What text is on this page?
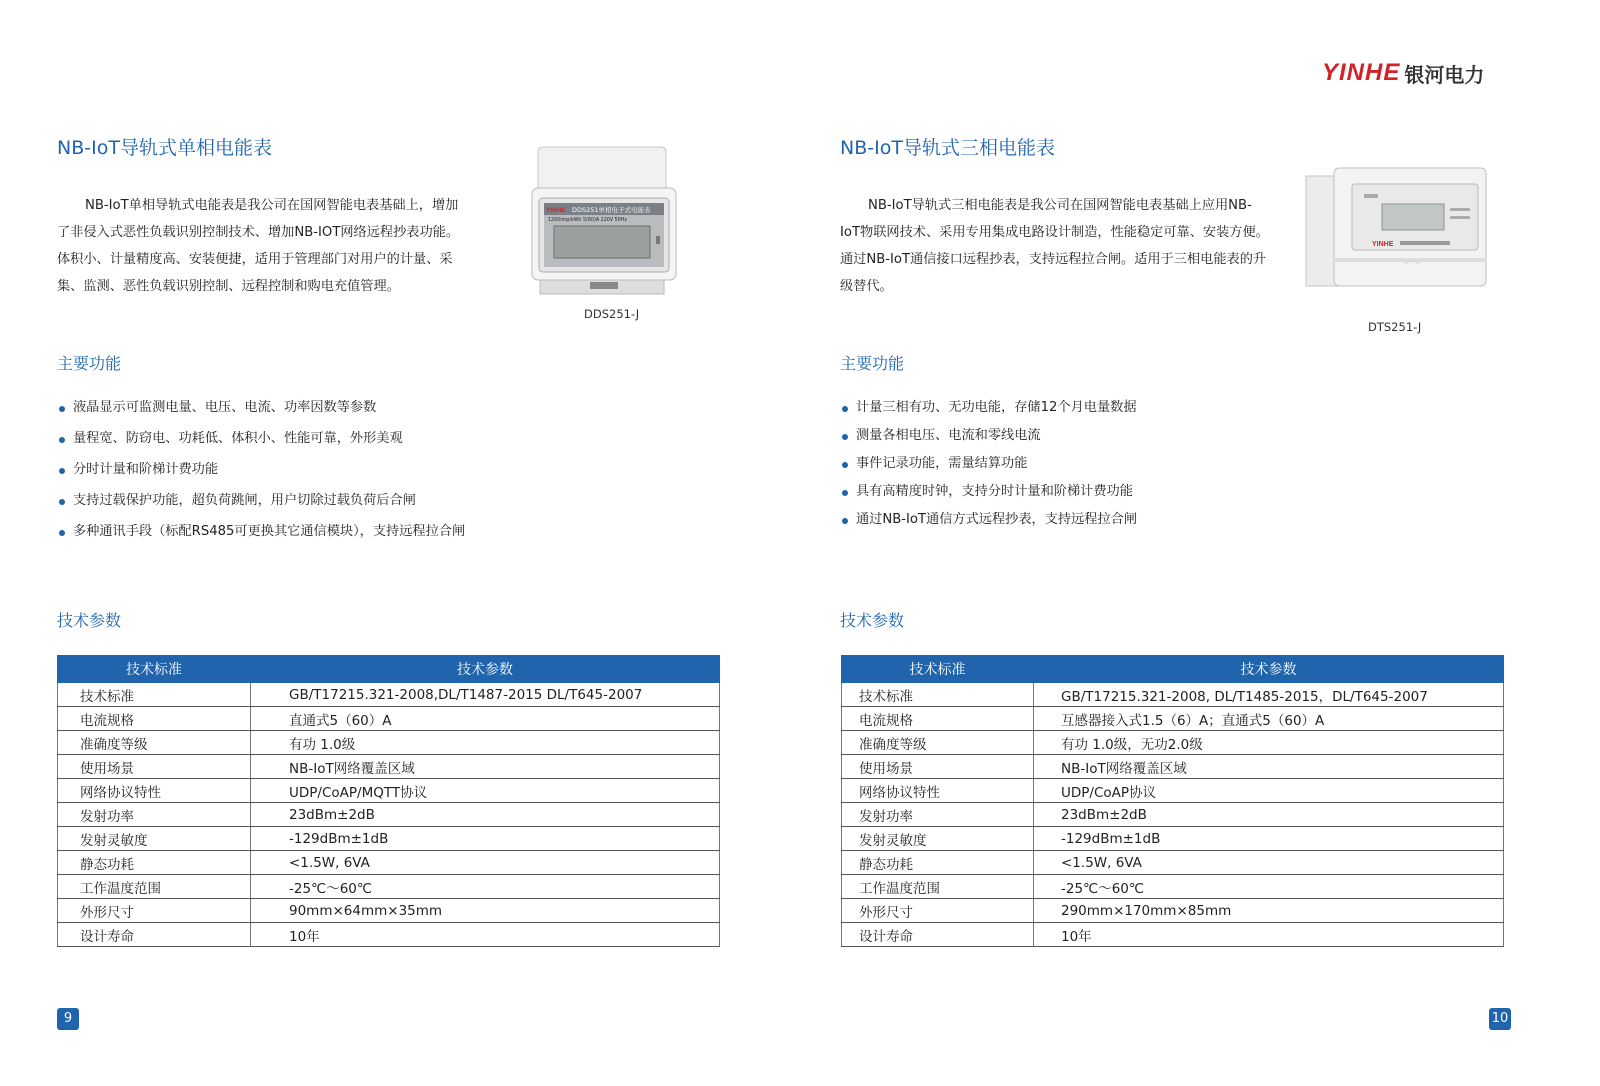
YINHE 银河电力
NB-IoT导轨式单相电能表
NB-IoT单相导轨式电能表是我公司在国网智能电表基础上，增加
了非侵入式恶性负载识别控制技术、增加NB-IOT网络远程抄表功能。
体积小、计量精度高、安装便捷，适用于管理部门对用户的计量、采
集、监测、恶性负载识别控制、远程控制和购电充值管理。
YINHE DDS251单相电子式电能表
1200imp/kWh 5(60)A 220V 50Hz
DDS251-J
主要功能
液晶显示可监测电量、电压、电流、功率因数等参数
量程宽、防窃电、功耗低、体积小、性能可靠，外形美观
分时计量和阶梯计费功能
支持过载保护功能，超负荷跳闸，用户切除过载负荷后合闸
多种通讯手段（标配RS485可更换其它通信模块），支持远程拉合闸
技术参数
技术标准	技术参数
技术标准	GB/T17215.321-2008,DL/T1487-2015 DL/T645-2007
电流规格	直通式5（60）A
准确度等级	有功 1.0级
使用场景	NB-IoT网络覆盖区域
网络协议特性	UDP/CoAP/MQTT协议
发射功率	23dBm±2dB
发射灵敏度	-129dBm±1dB
静态功耗	<1.5W, 6VA
工作温度范围	-25℃～60℃
外形尺寸	90mm×64mm×35mm
设计寿命	10年
9
NB-IoT导轨式三相电能表
NB-IoT导轨式三相电能表是我公司在国网智能电表基础上应用NB-
IoT物联网技术、采用专用集成电路设计制造，性能稳定可靠、安装方便。
通过NB-IoT通信接口远程抄表，支持远程拉合闸。适用于三相电能表的升
级替代。
YINHE
DTS251-J
主要功能
计量三相有功、无功电能，存储12个月电量数据
测量各相电压、电流和零线电流
事件记录功能，需量结算功能
具有高精度时钟，支持分时计量和阶梯计费功能
通过NB-IoT通信方式远程抄表，支持远程拉合闸
技术参数
技术标准	技术参数
技术标准	GB/T17215.321-2008, DL/T1485-2015，DL/T645-2007
电流规格	互感器接入式1.5（6）A；直通式5（60）A
准确度等级	有功 1.0级，无功2.0级
使用场景	NB-IoT网络覆盖区域
网络协议特性	UDP/CoAP协议
发射功率	23dBm±2dB
发射灵敏度	-129dBm±1dB
静态功耗	<1.5W, 6VA
工作温度范围	-25℃～60℃
外形尺寸	290mm×170mm×85mm
设计寿命	10年
10
